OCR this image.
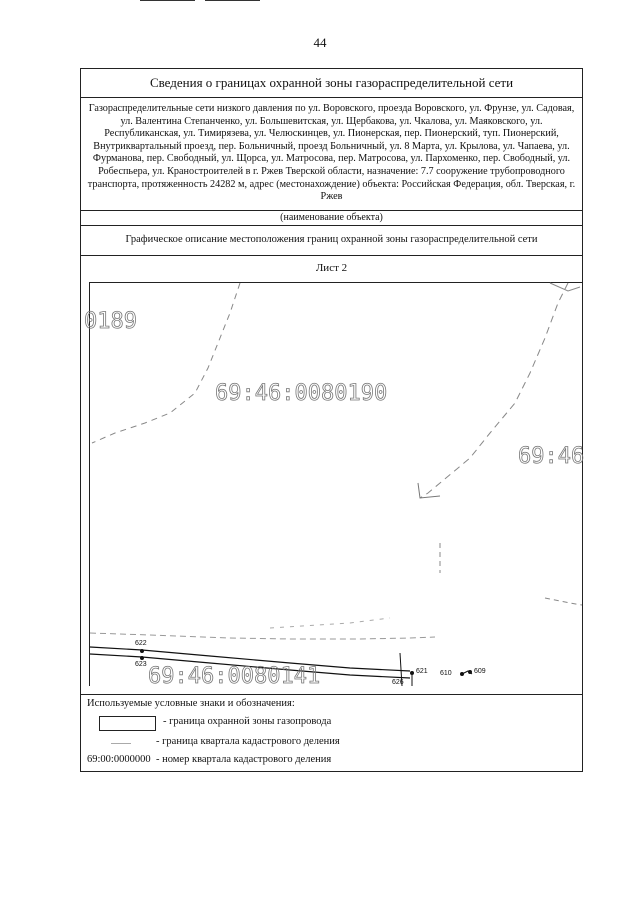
44
Сведения о границах охранной зоны газораспределительной сети
Газораспределительные сети низкого давления по ул. Воровского, проезда Воровского, ул. Фрунзе, ул. Садовая, ул. Валентина Степанченко, ул. Большевитская, ул. Щербакова, ул. Чкалова, ул. Маяковского, ул. Республиканская, ул. Тимирязева, ул. Челюскинцев, ул. Пионерская, пер. Пионерский, туп. Пионерский, Внутриквартальный проезд, пер. Больничный, проезд Больничный, ул. 8 Марта, ул. Крылова, ул. Чапаева, ул. Фурманова, пер. Свободный, ул. Щорса, ул. Матросова, пер. Матросова, ул. Пархоменко, пер. Свободный, ул. Робеспьера, ул. Краностроителей в г. Ржев Тверской области, назначение: 7.7 сооружение трубопроводного транспорта, протяженность 24282 м, адрес (местонахождение) объекта: Российская Федерация, обл. Тверская, г. Ржев
(наименование объекта)
Графическое описание местоположения границ охранной зоны газораспределительной сети
Лист 2
0189
69:46:0080190
69:46
69:46:0080141
622
623
621
626
610	609
Используемые условные знаки и обозначения:
- граница охранной зоны газопровода
- граница квартала кадастрового деления
69:00:0000000 - номер квартала кадастрового деления
